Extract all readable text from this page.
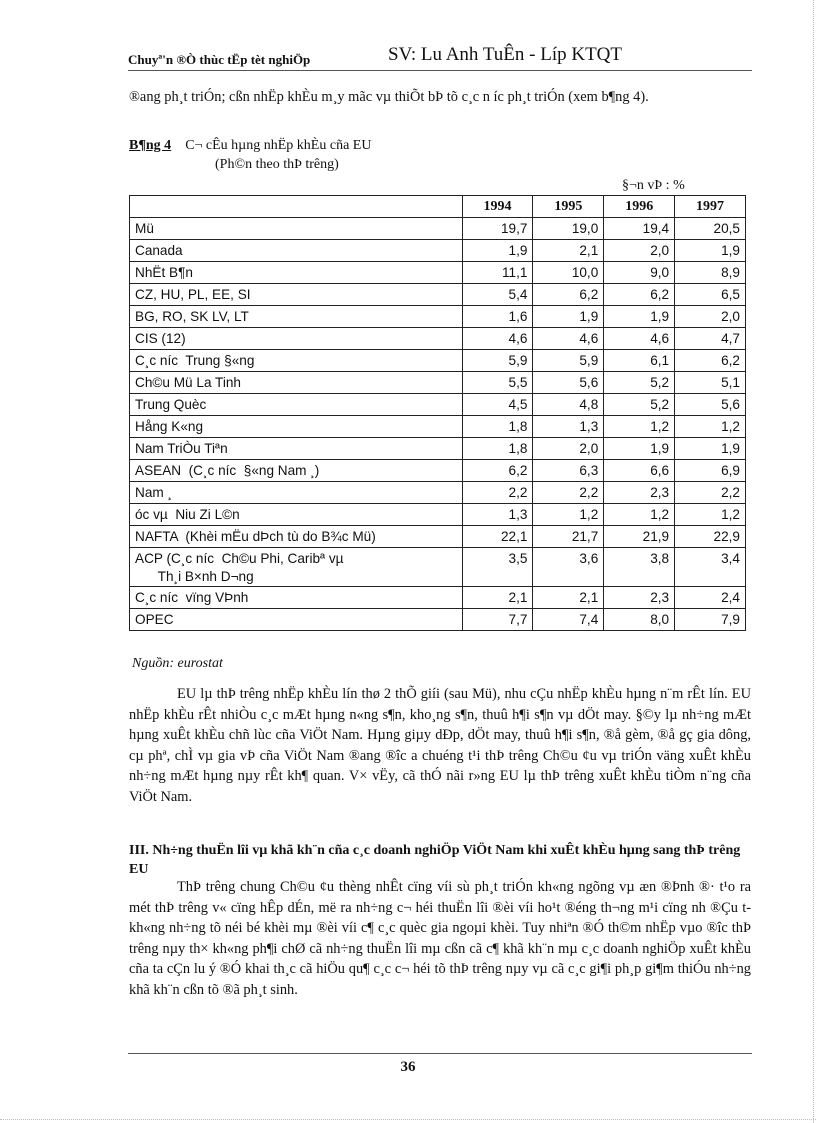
Chuyª'n ®Ò thùc tËp tèt nghiÖp	SV: Lu Anh TuÊn - Líp KTQT
®ang ph¸t triÓn; cßn nhËp khÈu m¸y mãc vµ thiÕt bÞ tõ c¸c n íc ph¸t triÓn (xem b¶ng 4).
B¶ng 4 C¬ cÊu hµng nhËp khÈu cña EU
(Ph©n theo thÞ trêng)
§¬n vÞ : %
	1994	1995	1996	1997
Mü	19,7	19,0	19,4	20,5
Canada	1,9	2,1	2,0	1,9
NhËt B¶n	11,1	10,0	9,0	8,9
CZ, HU, PL, EE, SI	5,4	6,2	6,2	6,5
BG, RO, SK LV, LT	1,6	1,9	1,9	2,0
CIS (12)	4,6	4,6	4,6	4,7
C¸c níc  Trung §«ng	5,9	5,9	6,1	6,2
Ch©u Mü La Tinh	5,5	5,6	5,2	5,1
Trung Quèc	4,5	4,8	5,2	5,6
Hång K«ng	1,8	1,3	1,2	1,2
Nam TriÒu Tiªn	1,8	2,0	1,9	1,9
ASEAN  (C¸c níc  §«ng Nam ¸)	6,2	6,3	6,6	6,9
Nam ¸	2,2	2,2	2,3	2,2
óc vµ  Niu Zi L©n	1,3	1,2	1,2	1,2
NAFTA  (Khèi mËu dÞch tù do B¾c Mü)	22,1	21,7	21,9	22,9
ACP (C¸c níc  Ch©u Phi, Caribª vµ
Th¸i B×nh D¬ng	3,5	3,6	3,8	3,4
C¸c níc  vïng VÞnh	2,1	2,1	2,3	2,4
OPEC	7,7	7,4	8,0	7,9
Nguồn: eurostat
EU lµ thÞ trêng nhËp khÈu lín thø 2 thÕ giíi (sau Mü), nhu cÇu nhËp khÈu hµng n¨m rÊt lín. EU nhËp khÈu rÊt nhiÒu c¸c mÆt hµng n«ng s¶n, kho¸ng s¶n, thuû h¶i s¶n vµ dÖt may. §©y lµ nh÷ng mÆt hµng xuÊt khÈu chñ lùc cña ViÖt Nam. Hµng giµy dÐp, dÖt may, thuû h¶i s¶n, ®å gèm, ®å gç gia dông, cµ phª, chÌ vµ gia vÞ cña ViÖt Nam ®ang ®îc a chuéng t¹i thÞ trêng Ch©u ¢u vµ triÓn väng xuÊt khÈu nh÷ng mÆt hµng nµy rÊt kh¶ quan. V× vËy, cã thÓ nãi r»ng EU lµ thÞ trêng xuÊt khÈu tiÒm n¨ng cña ViÖt Nam.
III. Nh÷ng thuËn lîi vµ khã kh¨n cña c¸c doanh nghiÖp ViÖt Nam khi xuÊt khÈu hµng sang thÞ trêng EU
ThÞ trêng chung Ch©u ¢u thèng nhÊt cïng víi sù ph¸t triÓn kh«ng ngõng vµ æn ®Þnh ®· t¹o ra mét thÞ trêng v« cïng hÊp dÉn, më ra nh÷ng c¬ héi thuËn lîi ®èi víi ho¹t ®éng th¬ng m¹i cïng nh ®Çu t kh«ng nh÷ng tõ néi bé khèi mµ ®èi víi c¶ c¸c quèc gia ngoµi khèi. Tuy nhiªn ®Ó th©m nhËp vµo ®îc thÞ trêng nµy th× kh«ng ph¶i chØ cã nh÷ng thuËn lîi mµ cßn cã c¶ khã kh¨n mµ c¸c doanh nghiÖp xuÊt khÈu cña ta cÇn lu ý ®Ó khai th¸c cã hiÖu qu¶ c¸c c¬ héi tõ thÞ trêng nµy vµ cã c¸c gi¶i ph¸p gi¶m thiÓu nh÷ng khã kh¨n cßn tõ ®ã ph¸t sinh.
36
